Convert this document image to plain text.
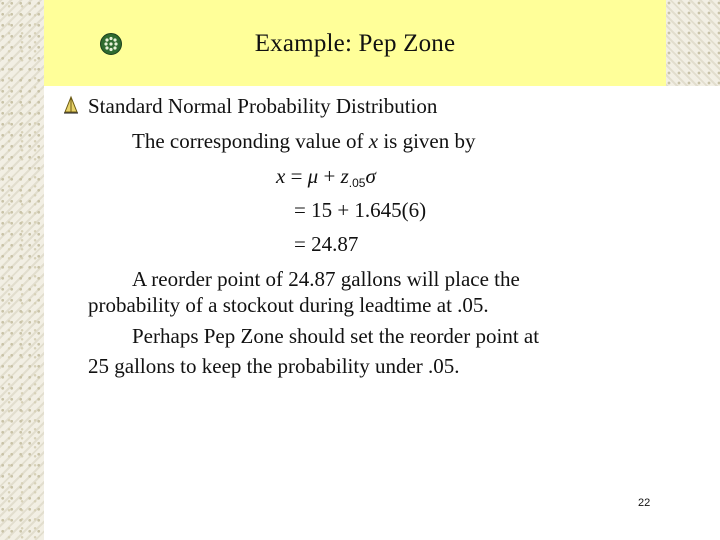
Example: Pep Zone
Standard Normal Probability Distribution
The corresponding value of x is given by
$x = \mu + z_{.05}\sigma$
= 15 + 1.645(6)
= 24.87
A reorder point of 24.87 gallons will place the
probability of a stockout during leadtime at .05.
Perhaps Pep Zone should set the reorder point at
25 gallons to keep the probability under .05.
22
